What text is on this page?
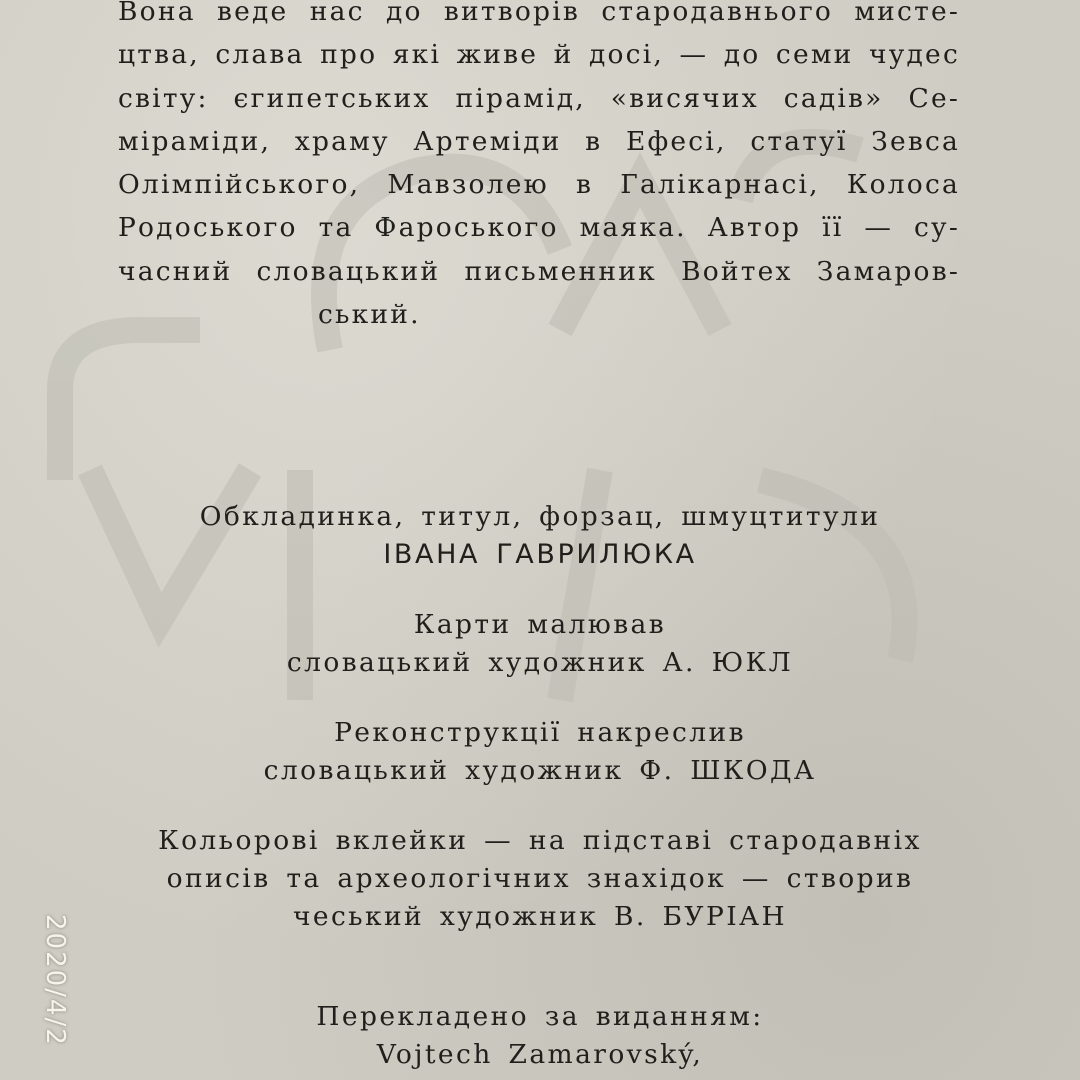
Вона веде нас до витворів стародавнього мисте-
цтва, слава про які живе й досі, — до семи чудес
світу: єгипетських пірамід, «висячих садів» Се-
міраміди, храму Артеміди в Ефесі, статуї Зевса
Олімпійського, Мавзолею в Галікарнасі, Колоса
Родоського та Фароського маяка. Автор її — су-
часний словацький письменник Войтех Замаров-
ський.
Обкладинка, титул, форзац, шмуцтитули
ІВАНА ГАВРИЛЮКА
Карти малював
словацький художник А. ЮКЛ
Реконструкції накреслив
словацький художник Ф. ШКОДА
Кольорові вклейки — на підставі стародавніх
описів та археологічних знахідок — створив
чеський художник В. БУРІАН
Перекладено за виданням:
Vojtech Zamarovský,
2020/4/2
